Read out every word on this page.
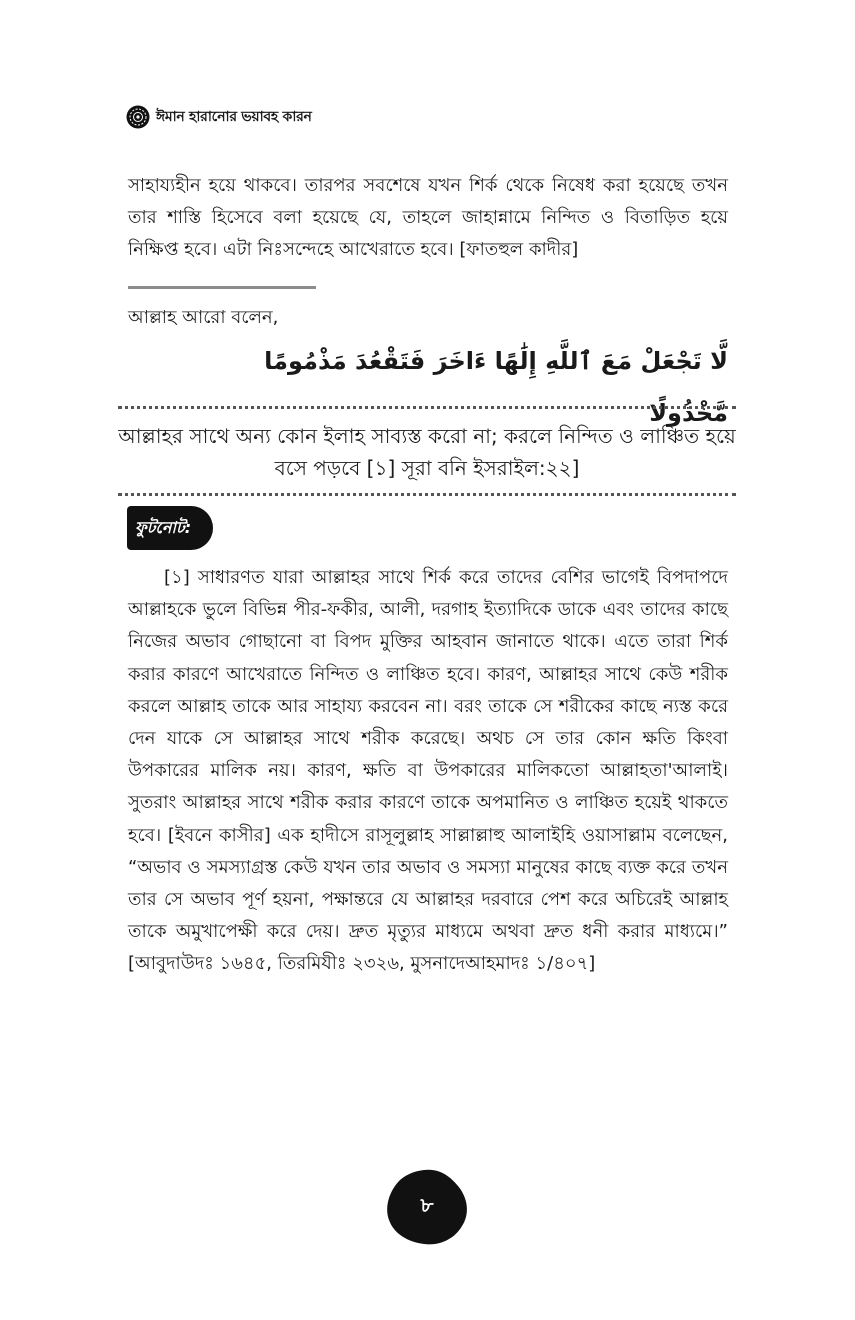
ঈমান হারানোর ভয়াবহ কারন

সাহায্যহীন হয়ে থাকবে। তারপর সবশেষে যখন শির্ক থেকে নিষেধ করা হয়েছে তখন তার শাস্তি হিসেবে বলা হয়েছে যে, তাহলে জাহান্নামে নিন্দিত ও বিতাড়িত হয়ে নিক্ষিপ্ত হবে। এটা নিঃসন্দেহে আখেরাতে হবে। [ফাতহুল কাদীর]

আল্লাহ আরো বলেন,

لَّا تَجْعَلْ مَعَ ٱللَّهِ إِلَٰهًا ءَاخَرَ فَتَقْعُدَ مَذْمُومًا مَّخْذُولًا

আল্লাহর সাথে অন্য কোন ইলাহ সাব্যস্ত করো না; করলে নিন্দিত ও লাঞ্চিত হয়ে বসে পড়বে [১] সূরা বনি ইসরাইল:২২]

ফুটনোট:

[১] সাধারণত যারা আল্লাহর সাথে শির্ক করে তাদের বেশির ভাগেই বিপদাপদে আল্লাহকে ভুলে বিভিন্ন পীর-ফকীর, আলী, দরগাহ ইত্যাদিকে ডাকে এবং তাদের কাছে নিজের অভাব গোছানো বা বিপদ মুক্তির আহবান জানাতে থাকে। এতে তারা শির্ক করার কারণে আখেরাতে নিন্দিত ও লাঞ্চিত হবে। কারণ, আল্লাহর সাথে কেউ শরীক করলে আল্লাহ তাকে আর সাহায্য করবেন না। বরং তাকে সে শরীকের কাছে ন্যস্ত করে দেন যাকে সে আল্লাহর সাথে শরীক করেছে। অথচ সে তার কোন ক্ষতি কিংবা উপকারের মালিক নয়। কারণ, ক্ষতি বা উপকারের মালিকতো আল্লাহতা'আলাই। সুতরাং আল্লাহর সাথে শরীক করার কারণে তাকে অপমানিত ও লাঞ্চিত হয়েই থাকতে হবে। [ইবনে কাসীর] এক হাদীসে রাসূলুল্লাহ সাল্লাল্লাহু আলাইহি ওয়াসাল্লাম বলেছেন, “অভাব ও সমস্যাগ্রস্ত কেউ যখন তার অভাব ও সমস্যা মানুষের কাছে ব্যক্ত করে তখন তার সে অভাব পূর্ণ হয়না, পক্ষান্তরে যে আল্লাহর দরবারে পেশ করে অচিরেই আল্লাহ তাকে অমুখাপেক্ষী করে দেয়। দ্রুত মৃত্যুর মাধ্যমে অথবা দ্রুত ধনী করার মাধ্যমে।” [আবুদাউদঃ ১৬৪৫, তিরমিযীঃ ২৩২৬, মুসনাদেআহমাদঃ ১/৪০৭]

৮
